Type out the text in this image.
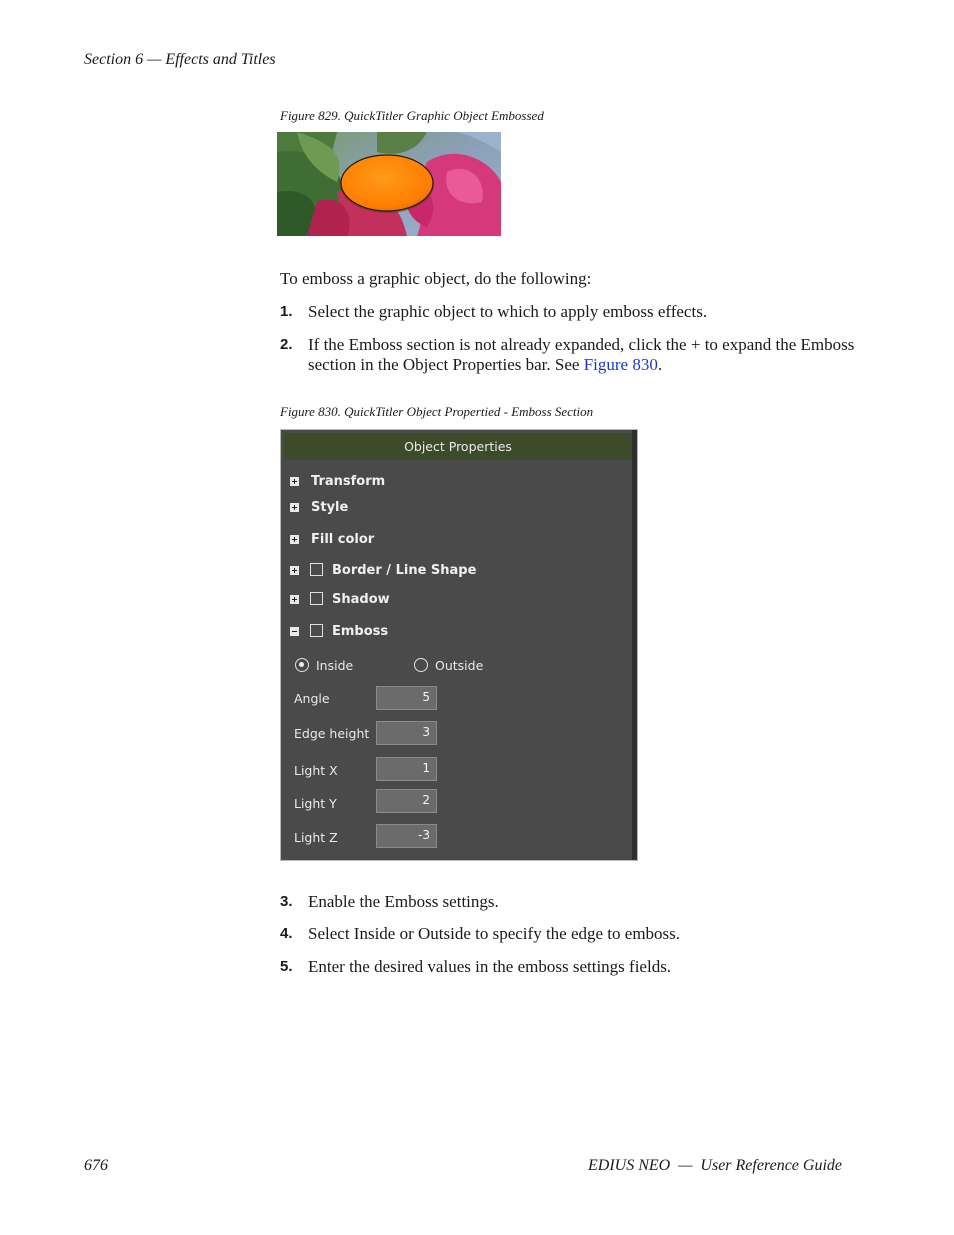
Section 6 — Effects and Titles
Figure 829. QuickTitler Graphic Object Embossed
To emboss a graphic object, do the following:
1. Select the graphic object to which to apply emboss effects.
2. If the Emboss section is not already expanded, click the + to expand the Emboss section in the Object Properties bar. See Figure 830.
Figure 830. QuickTitler Object Propertied - Emboss Section
Object Properties
Transform
Style
Fill color
Border / Line Shape
Shadow
Emboss
Inside	Outside
Angle	5
Edge height	3
Light X	1
Light Y	2
Light Z	-3
3. Enable the Emboss settings.
4. Select Inside or Outside to specify the edge to emboss.
5. Enter the desired values in the emboss settings fields.
676	EDIUS NEO  —  User Reference Guide
